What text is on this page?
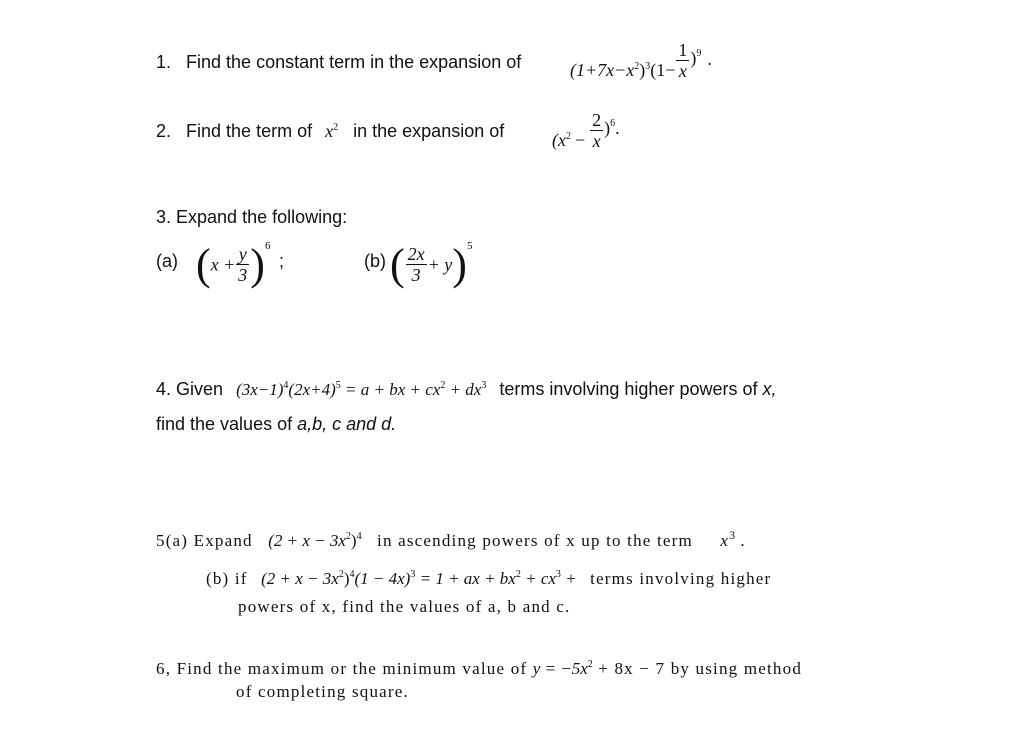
1. Find the constant term in the expansion of	$(1+7x-x^2)^3(1- \frac{1}{x} )^9$ .
2. Find the term of $x^2$ in the expansion of	$(x^2 - \frac{2}{x} )^6$.
3. Expand the following:
(a) $(x + \frac{y}{3} )^6$ ;	(b) ( $\frac{2x}{3} + y)^5$
4. Given $(3x-1)^4(2x+4)^5 = a$ + bx + $cx^2 + dx^3$ terms involving higher powers of x,
find the values of a,b, c and d.
5(a) Expand $(2 + x - 3x^2)^4$ in ascending powers of x up to the term $x^3$ .
(b) if $(2 + x - 3x^2)^4(1 - 4x)^3 = 1$ + ax + $bx^2 + cx^3$ + terms involving higher
powers of x, find the values of a, b and c.
6, Find the maximum or the minimum value of $y = -5x^2 + 8x - 7$ by using method
of completing square.
